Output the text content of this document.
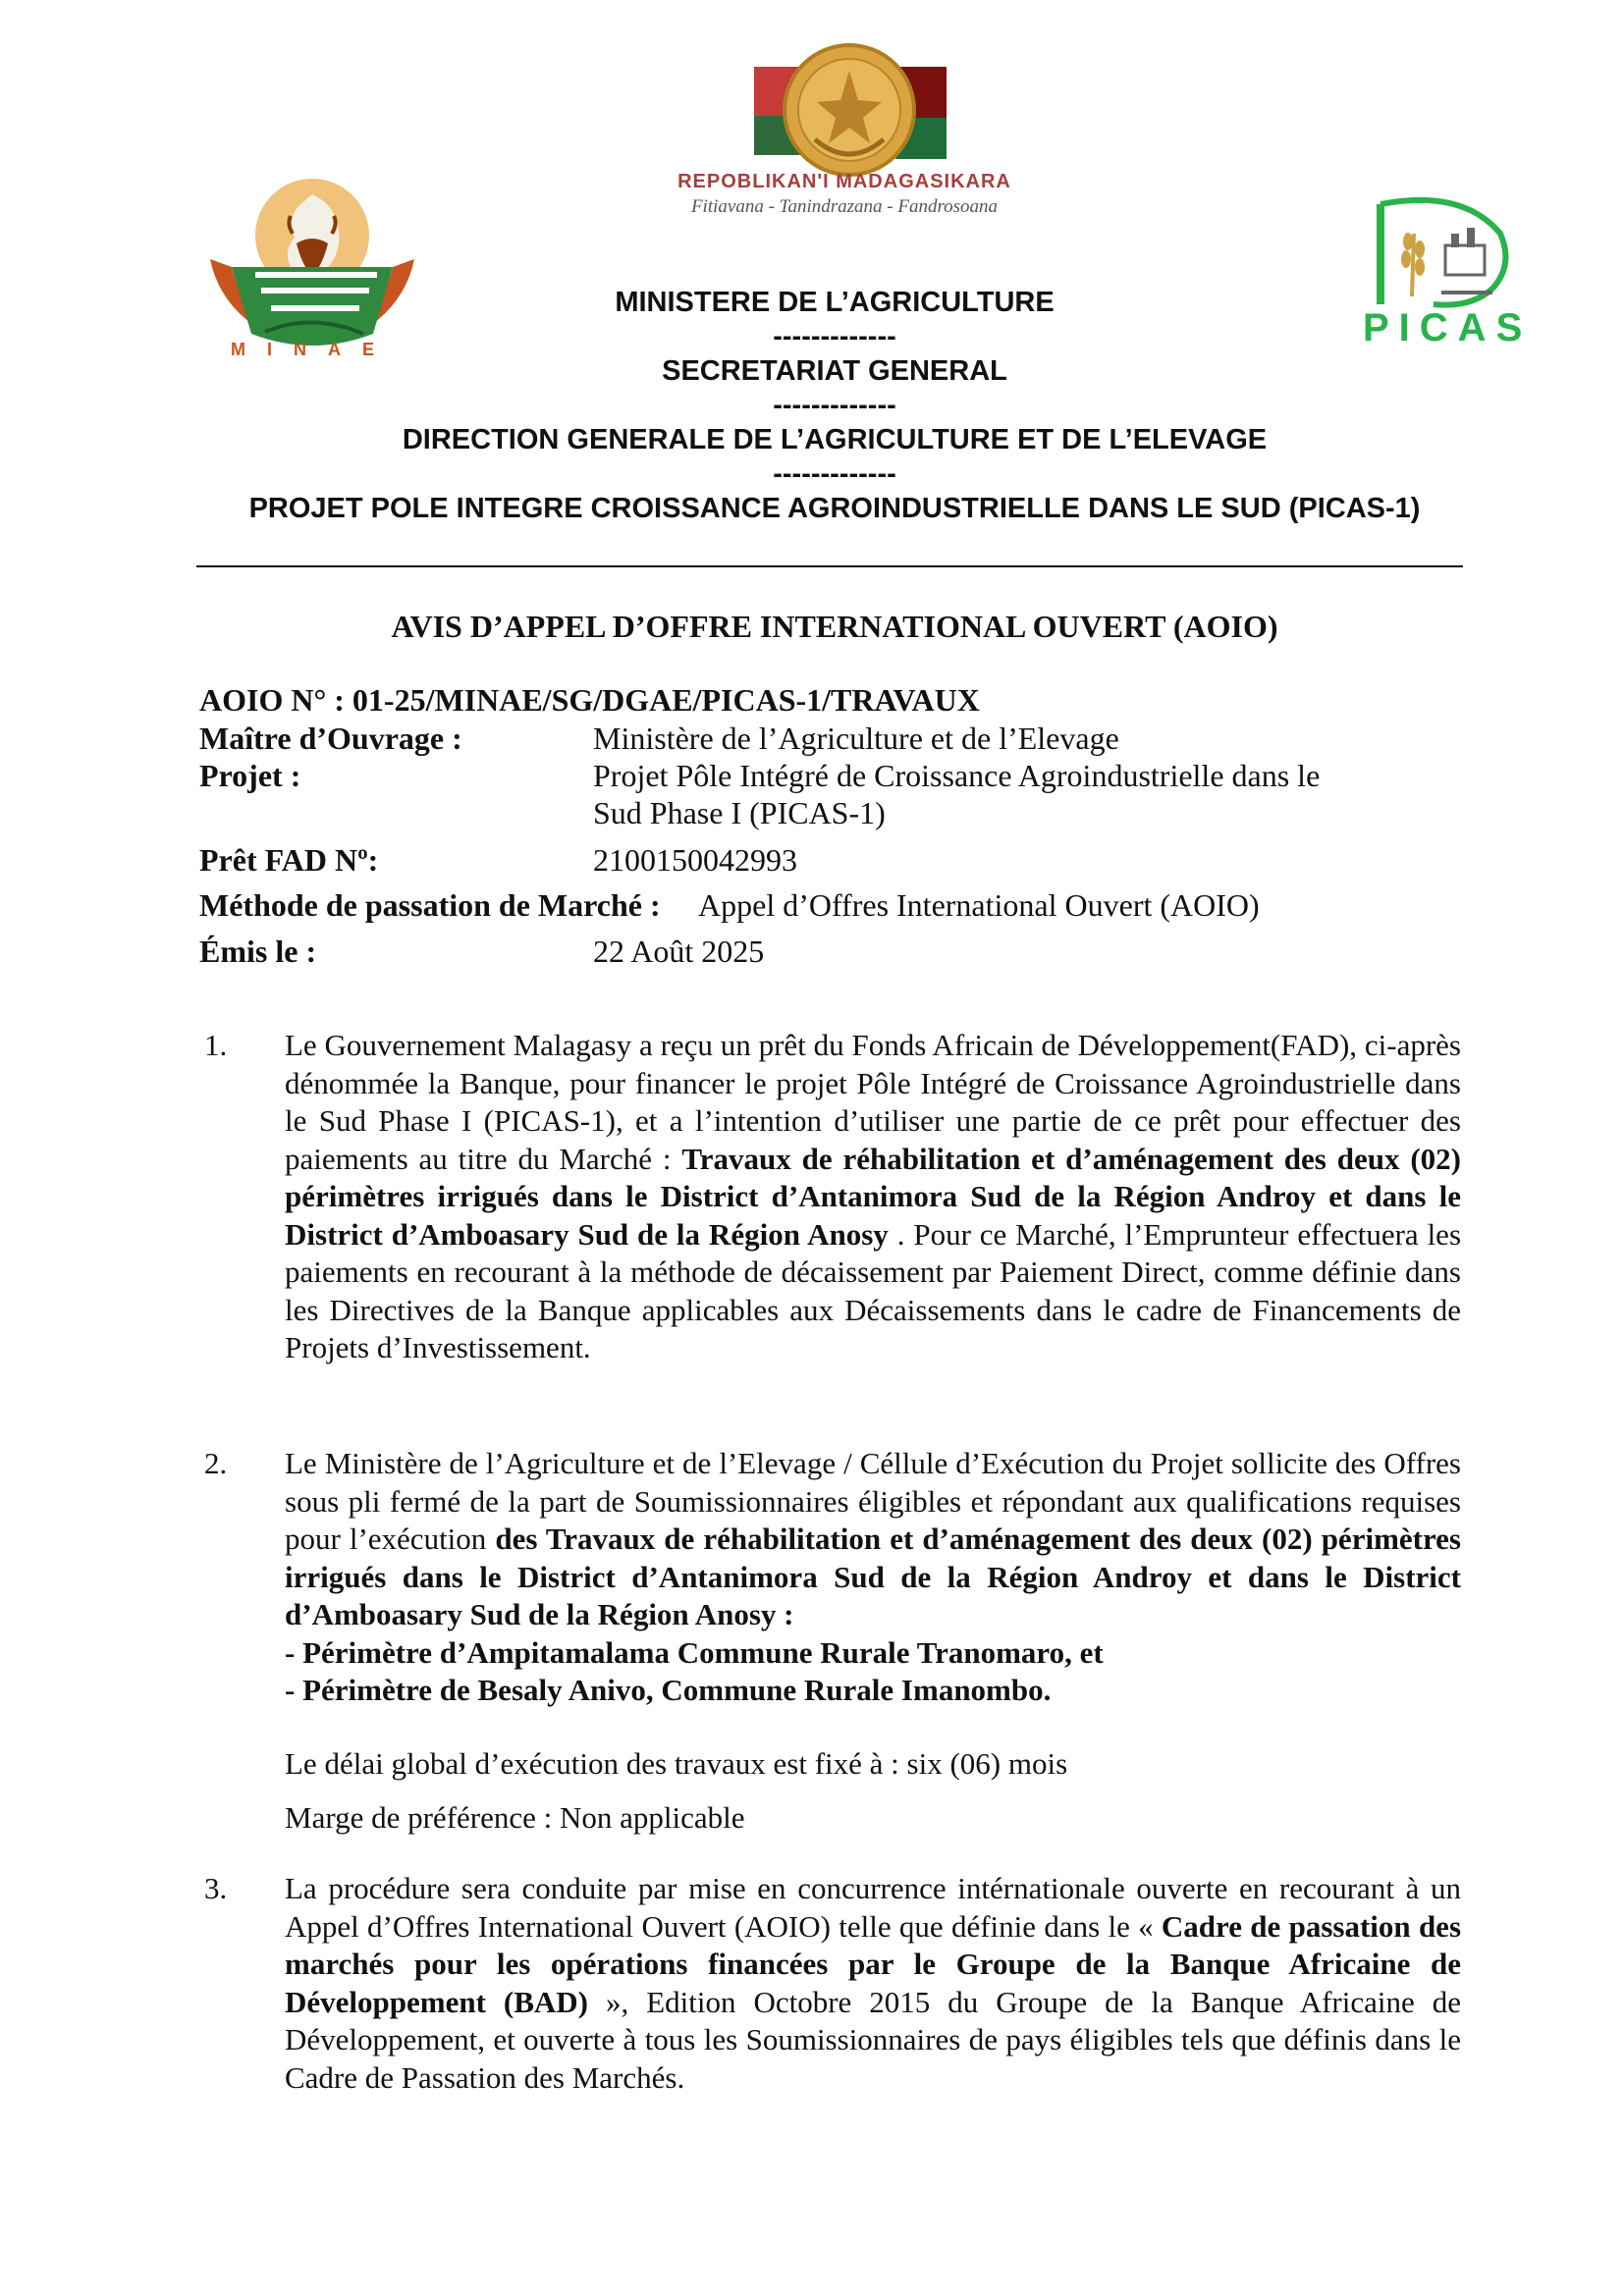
REPOBLIKAN'I MADAGASIKARA
Fitiavana - Tanindrazana - Fandrosoana
MINAE	PICAS
MINISTERE DE L’AGRICULTURE
-------------
SECRETARIAT GENERAL
-------------
DIRECTION GENERALE DE L’AGRICULTURE ET DE L’ELEVAGE
-------------
PROJET POLE INTEGRE CROISSANCE AGROINDUSTRIELLE DANS LE SUD (PICAS-1)
AVIS D’APPEL D’OFFRE INTERNATIONAL OUVERT (AOIO)
AOIO N° : 01-25/MINAE/SG/DGAE/PICAS-1/TRAVAUX
Maître d’Ouvrage :	Ministère de l’Agriculture et de l’Elevage
Projet :	Projet Pôle Intégré de Croissance Agroindustrielle dans le
Sud Phase I (PICAS-1)
Prêt FAD Nº:	2100150042993
Méthode de passation de Marché : Appel d’Offres International Ouvert (AOIO)
Émis le :	22 Août 2025
1. Le Gouvernement Malagasy a reçu un prêt du Fonds Africain de Développement(FAD), ci-après dénommée la Banque, pour financer le projet Pôle Intégré de Croissance Agroindustrielle dans le Sud Phase I (PICAS-1), et a l’intention d’utiliser une partie de ce prêt pour effectuer des paiements au titre du Marché : Travaux de réhabilitation et d’aménagement des deux (02) périmètres irrigués dans le District d’Antanimora Sud de la Région Androy et dans le District d’Amboasary Sud de la Région Anosy . Pour ce Marché, l’Emprunteur effectuera les paiements en recourant à la méthode de décaissement par Paiement Direct, comme définie dans les Directives de la Banque applicables aux Décaissements dans le cadre de Financements de Projets d’Investissement.
2. Le Ministère de l’Agriculture et de l’Elevage / Céllule d’Exécution du Projet sollicite des Offres sous pli fermé de la part de Soumissionnaires éligibles et répondant aux qualifications requises pour l’exécution des Travaux de réhabilitation et d’aménagement des deux (02) périmètres irrigués dans le District d’Antanimora Sud de la Région Androy et dans le District d’Amboasary Sud de la Région Anosy :
- Périmètre d’Ampitamalama Commune Rurale Tranomaro, et
- Périmètre de Besaly Anivo, Commune Rurale Imanombo.
Le délai global d’exécution des travaux est fixé à : six (06) mois
Marge de préférence : Non applicable
3. La procédure sera conduite par mise en concurrence intérnationale ouverte en recourant à un Appel d’Offres International Ouvert (AOIO) telle que définie dans le « Cadre de passation des marchés pour les opérations financées par le Groupe de la Banque Africaine de Développement (BAD) », Edition Octobre 2015 du Groupe de la Banque Africaine de Développement, et ouverte à tous les Soumissionnaires de pays éligibles tels que définis dans le Cadre de Passation des Marchés.
